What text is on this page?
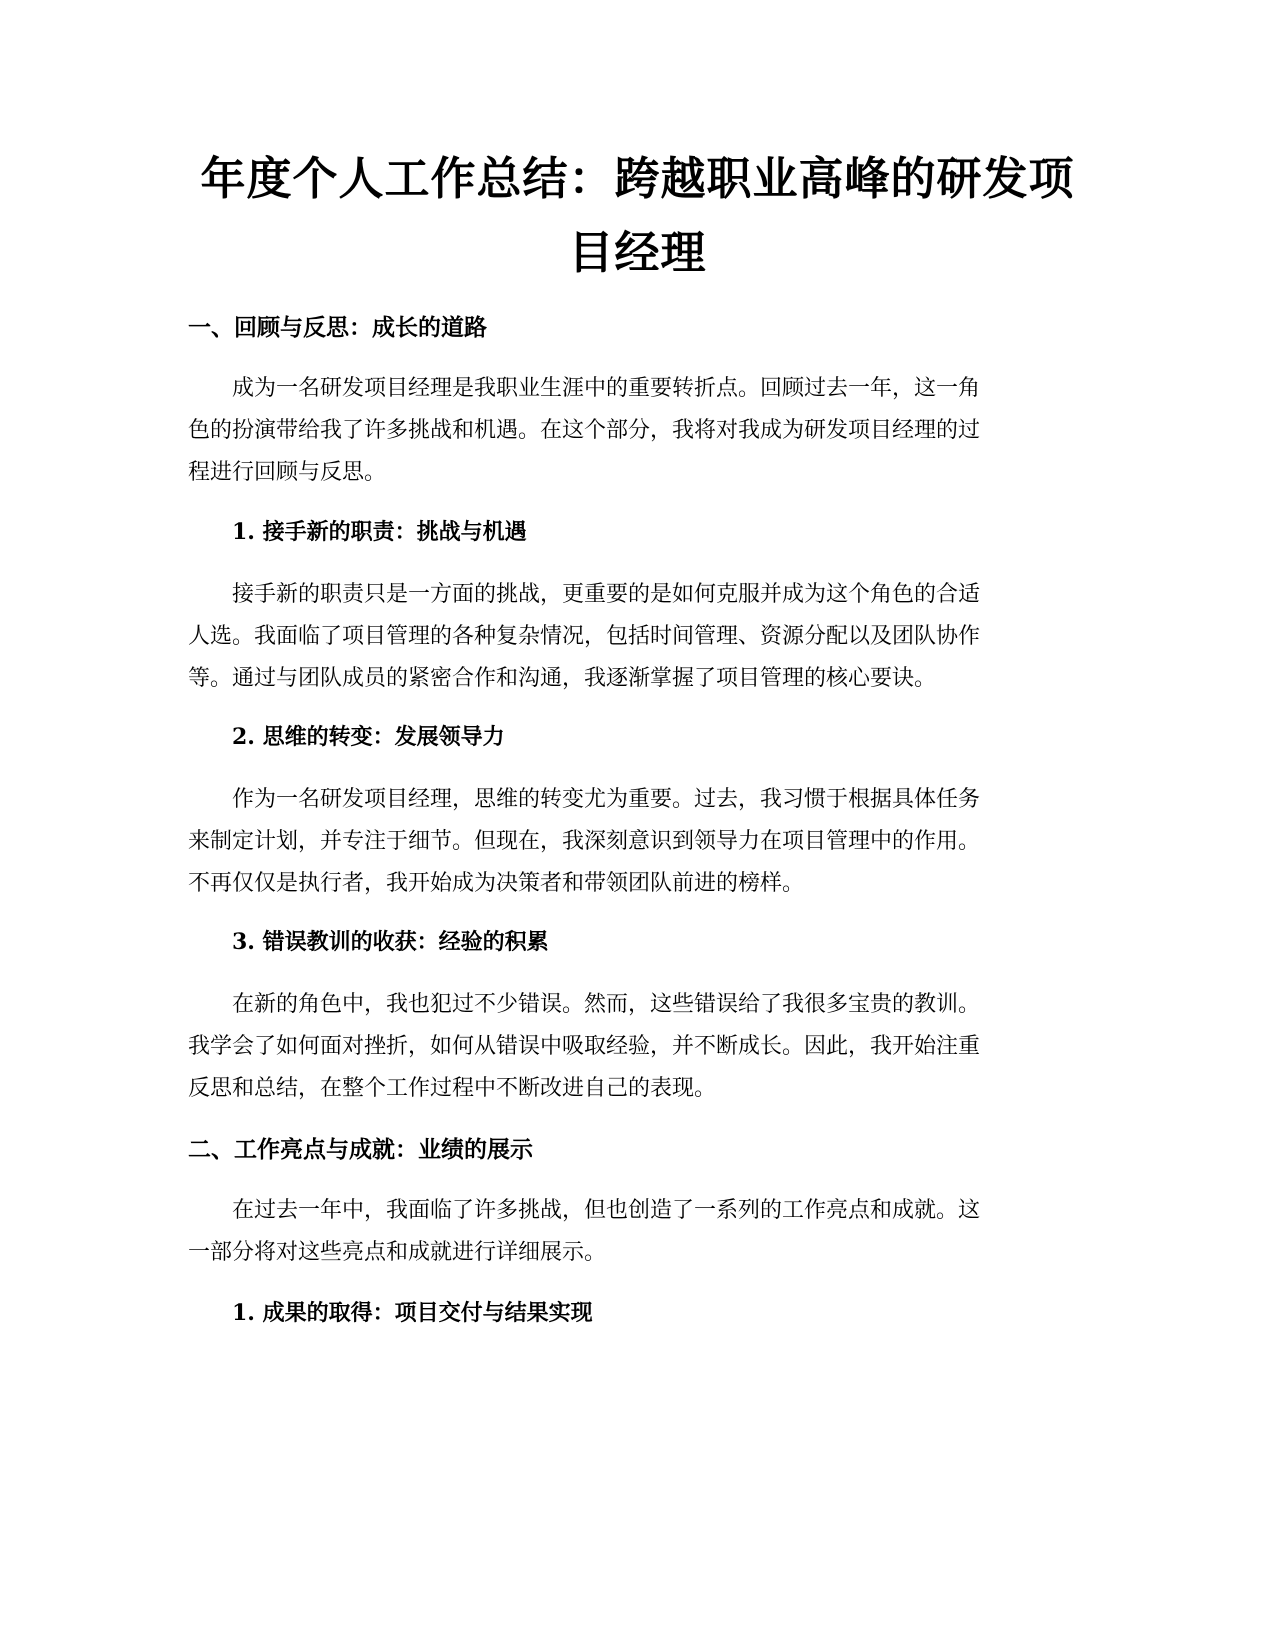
年度个人工作总结：跨越职业高峰的研发项
目经理
一、回顾与反思：成长的道路

成为一名研发项目经理是我职业生涯中的重要转折点。回顾过去一年，这一角
色的扮演带给我了许多挑战和机遇。在这个部分，我将对我成为研发项目经理的过
程进行回顾与反思。

1. 接手新的职责：挑战与机遇

接手新的职责只是一方面的挑战，更重要的是如何克服并成为这个角色的合适
人选。我面临了项目管理的各种复杂情况，包括时间管理、资源分配以及团队协作
等。通过与团队成员的紧密合作和沟通，我逐渐掌握了项目管理的核心要诀。

2. 思维的转变：发展领导力

作为一名研发项目经理，思维的转变尤为重要。过去，我习惯于根据具体任务
来制定计划，并专注于细节。但现在，我深刻意识到领导力在项目管理中的作用。
不再仅仅是执行者，我开始成为决策者和带领团队前进的榜样。

3. 错误教训的收获：经验的积累

在新的角色中，我也犯过不少错误。然而，这些错误给了我很多宝贵的教训。
我学会了如何面对挫折，如何从错误中吸取经验，并不断成长。因此，我开始注重
反思和总结，在整个工作过程中不断改进自己的表现。

二、工作亮点与成就：业绩的展示

在过去一年中，我面临了许多挑战，但也创造了一系列的工作亮点和成就。这
一部分将对这些亮点和成就进行详细展示。

1. 成果的取得：项目交付与结果实现
